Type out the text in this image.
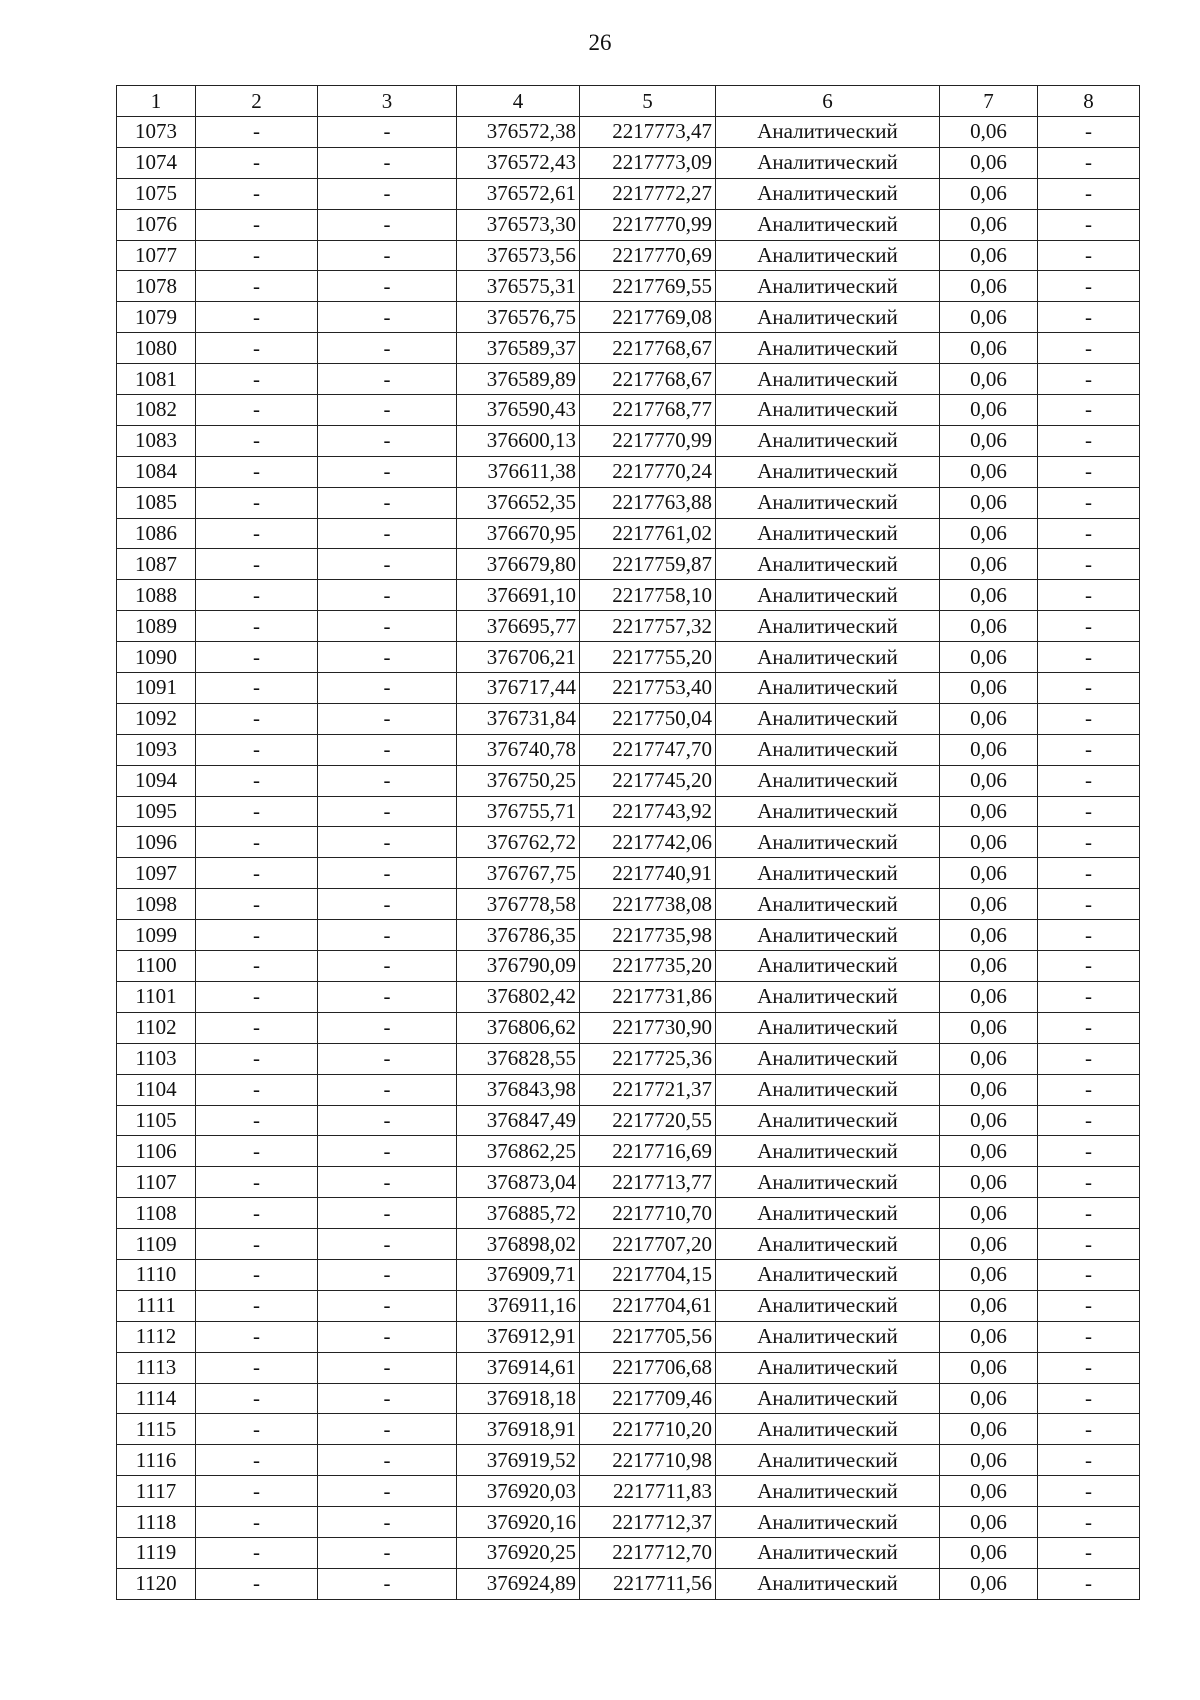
26
1	2	3	4	5	6	7	8
1073	-	-	376572,38	2217773,47	Аналитический	0,06	-
1074	-	-	376572,43	2217773,09	Аналитический	0,06	-
1075	-	-	376572,61	2217772,27	Аналитический	0,06	-
1076	-	-	376573,30	2217770,99	Аналитический	0,06	-
1077	-	-	376573,56	2217770,69	Аналитический	0,06	-
1078	-	-	376575,31	2217769,55	Аналитический	0,06	-
1079	-	-	376576,75	2217769,08	Аналитический	0,06	-
1080	-	-	376589,37	2217768,67	Аналитический	0,06	-
1081	-	-	376589,89	2217768,67	Аналитический	0,06	-
1082	-	-	376590,43	2217768,77	Аналитический	0,06	-
1083	-	-	376600,13	2217770,99	Аналитический	0,06	-
1084	-	-	376611,38	2217770,24	Аналитический	0,06	-
1085	-	-	376652,35	2217763,88	Аналитический	0,06	-
1086	-	-	376670,95	2217761,02	Аналитический	0,06	-
1087	-	-	376679,80	2217759,87	Аналитический	0,06	-
1088	-	-	376691,10	2217758,10	Аналитический	0,06	-
1089	-	-	376695,77	2217757,32	Аналитический	0,06	-
1090	-	-	376706,21	2217755,20	Аналитический	0,06	-
1091	-	-	376717,44	2217753,40	Аналитический	0,06	-
1092	-	-	376731,84	2217750,04	Аналитический	0,06	-
1093	-	-	376740,78	2217747,70	Аналитический	0,06	-
1094	-	-	376750,25	2217745,20	Аналитический	0,06	-
1095	-	-	376755,71	2217743,92	Аналитический	0,06	-
1096	-	-	376762,72	2217742,06	Аналитический	0,06	-
1097	-	-	376767,75	2217740,91	Аналитический	0,06	-
1098	-	-	376778,58	2217738,08	Аналитический	0,06	-
1099	-	-	376786,35	2217735,98	Аналитический	0,06	-
1100	-	-	376790,09	2217735,20	Аналитический	0,06	-
1101	-	-	376802,42	2217731,86	Аналитический	0,06	-
1102	-	-	376806,62	2217730,90	Аналитический	0,06	-
1103	-	-	376828,55	2217725,36	Аналитический	0,06	-
1104	-	-	376843,98	2217721,37	Аналитический	0,06	-
1105	-	-	376847,49	2217720,55	Аналитический	0,06	-
1106	-	-	376862,25	2217716,69	Аналитический	0,06	-
1107	-	-	376873,04	2217713,77	Аналитический	0,06	-
1108	-	-	376885,72	2217710,70	Аналитический	0,06	-
1109	-	-	376898,02	2217707,20	Аналитический	0,06	-
1110	-	-	376909,71	2217704,15	Аналитический	0,06	-
1111	-	-	376911,16	2217704,61	Аналитический	0,06	-
1112	-	-	376912,91	2217705,56	Аналитический	0,06	-
1113	-	-	376914,61	2217706,68	Аналитический	0,06	-
1114	-	-	376918,18	2217709,46	Аналитический	0,06	-
1115	-	-	376918,91	2217710,20	Аналитический	0,06	-
1116	-	-	376919,52	2217710,98	Аналитический	0,06	-
1117	-	-	376920,03	2217711,83	Аналитический	0,06	-
1118	-	-	376920,16	2217712,37	Аналитический	0,06	-
1119	-	-	376920,25	2217712,70	Аналитический	0,06	-
1120	-	-	376924,89	2217711,56	Аналитический	0,06	-
